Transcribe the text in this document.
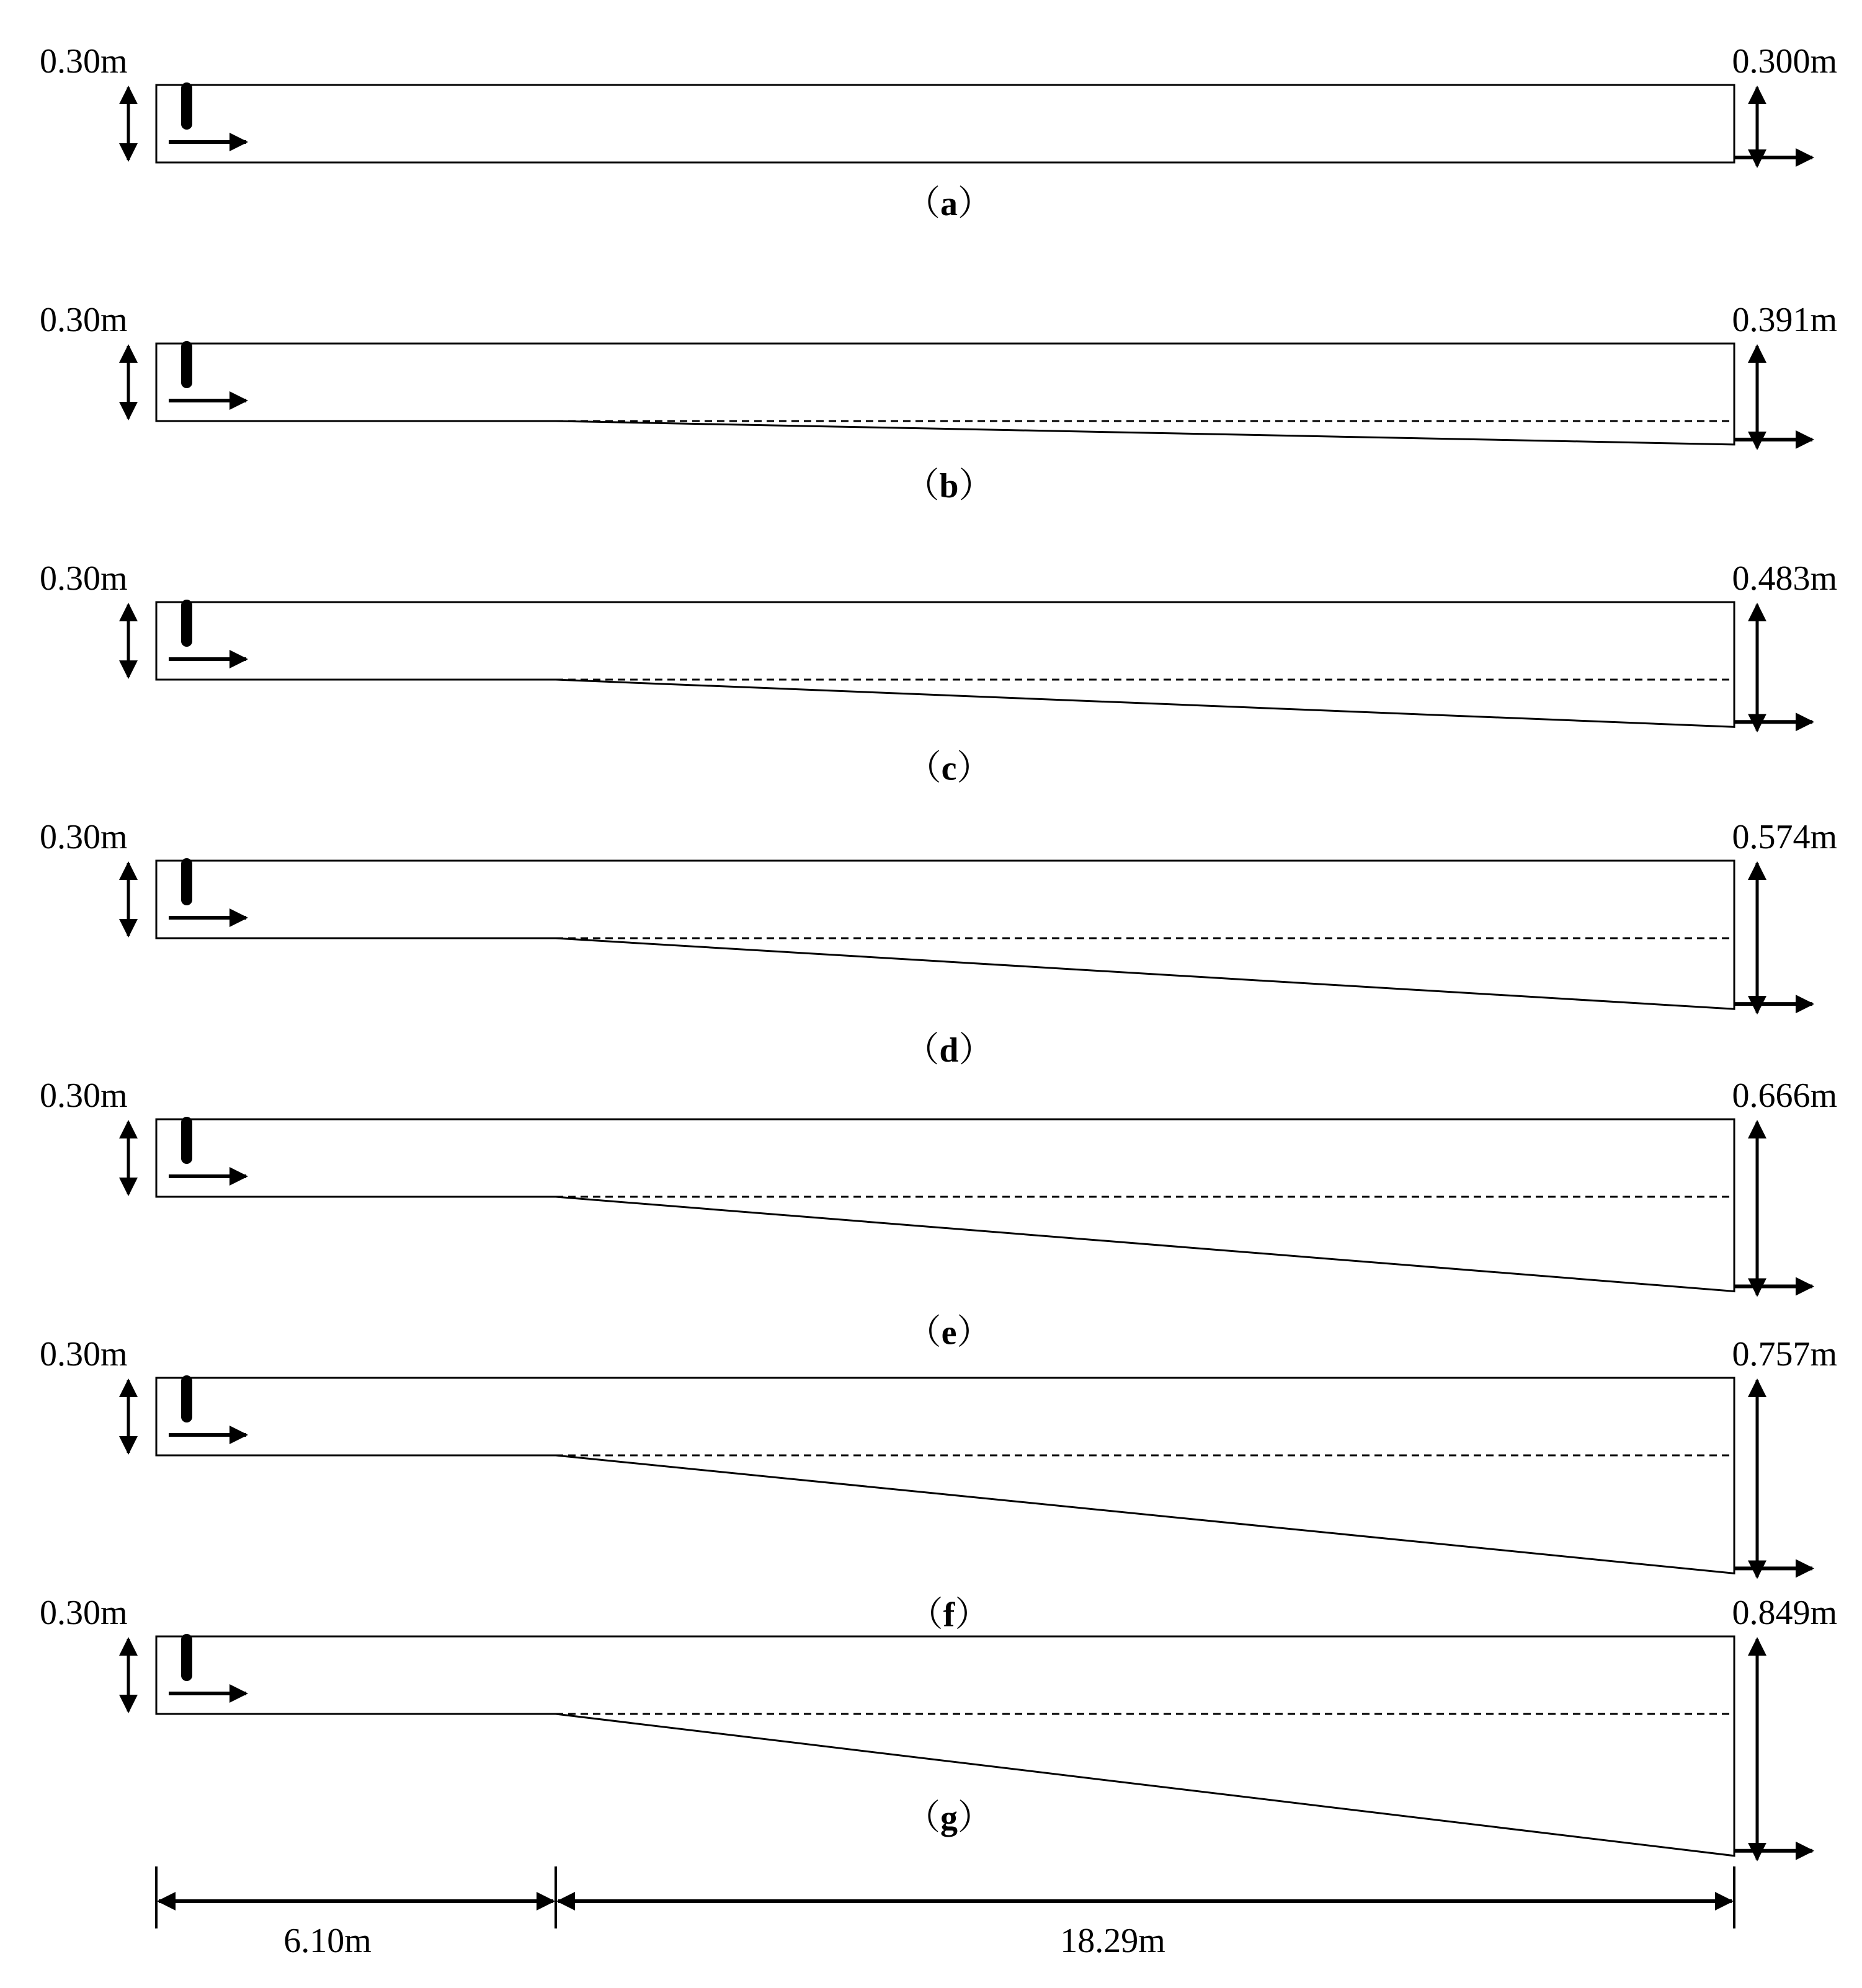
0.30m	0.300m
（a）
0.30m	0.391m
（b）
0.30m	0.483m
（c）
0.30m	0.574m
（d）
0.30m	0.666m
（e）
0.30m	0.757m
（f）
0.30m	0.849m
（g）
6.10m	18.29m
